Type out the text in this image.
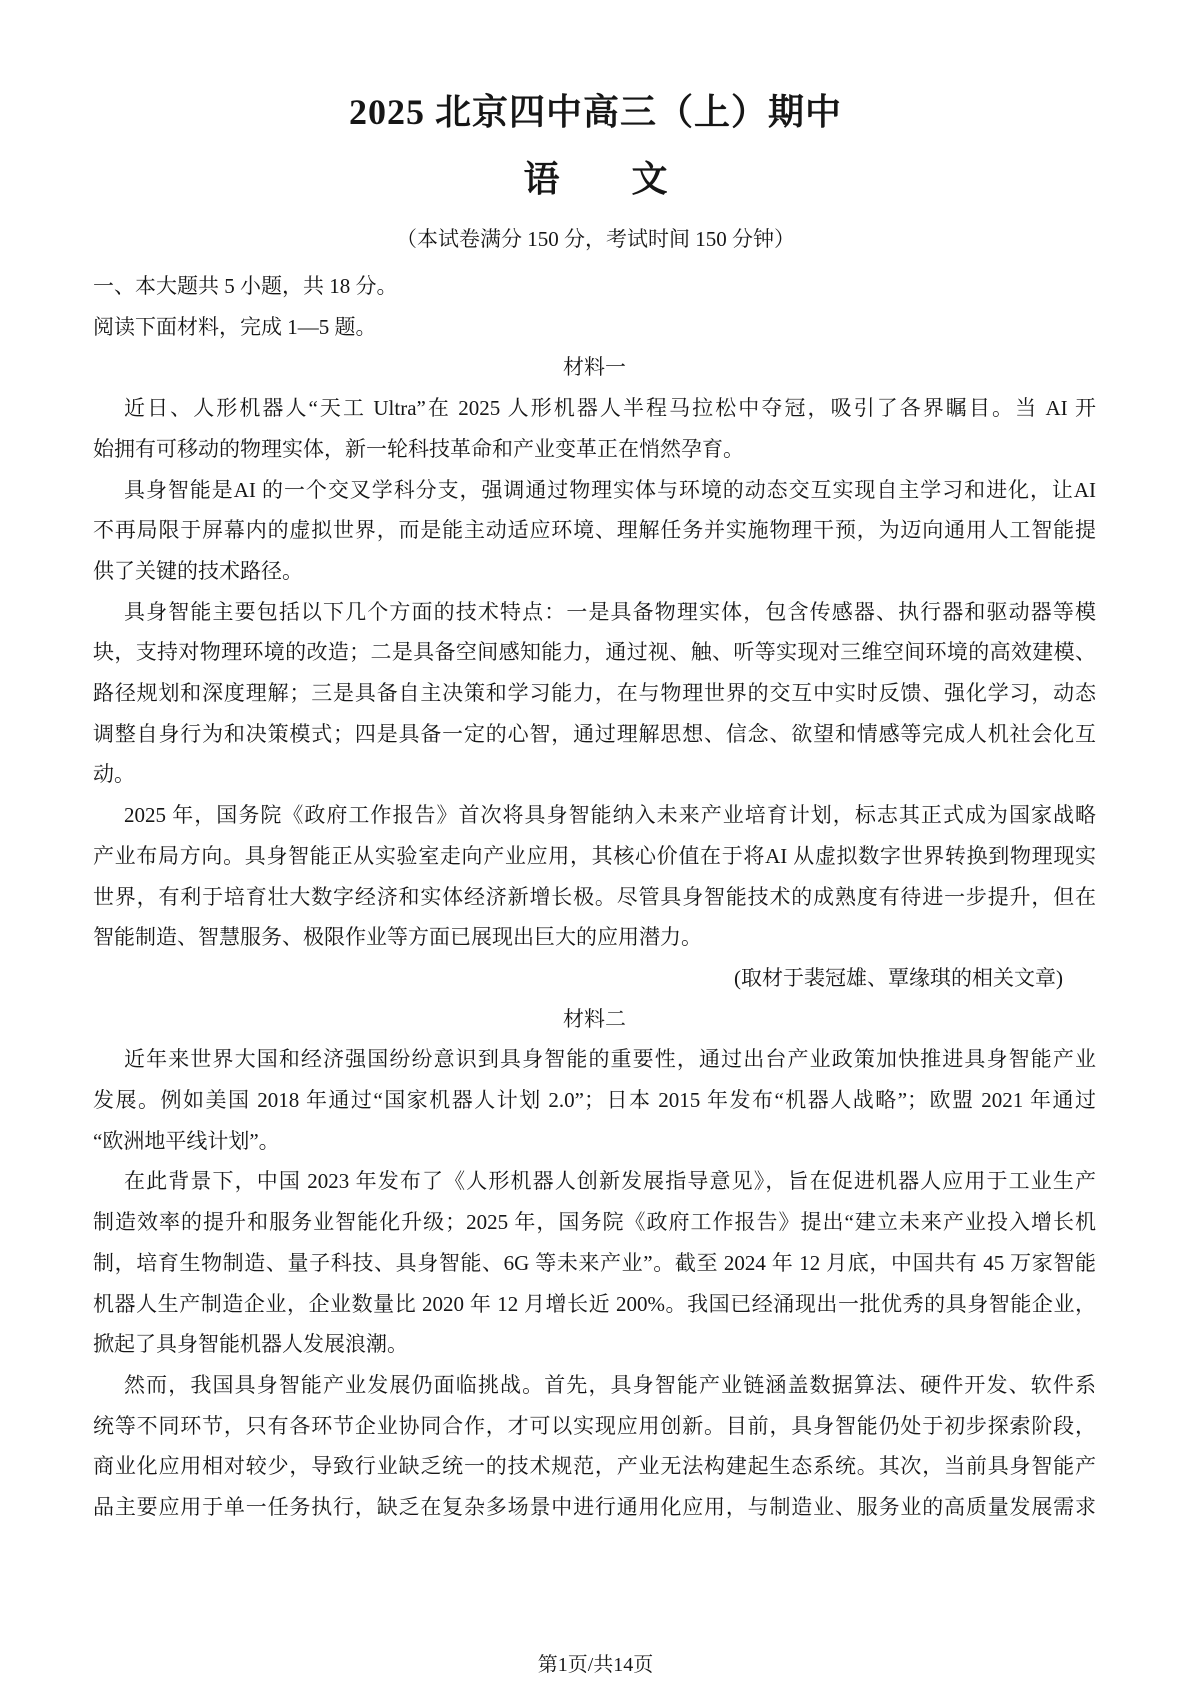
2025 北京四中高三（上）期中
语　　文
（本试卷满分 150 分，考试时间 150 分钟）
一、本大题共 5 小题，共 18 分。
阅读下面材料，完成 1—5 题。
材料一
近日、人形机器人“天工 Ultra”在 2025 人形机器人半程马拉松中夺冠，吸引了各界瞩目。当 AI 开
始拥有可移动的物理实体，新一轮科技革命和产业变革正在悄然孕育。
具身智能是AI 的一个交叉学科分支，强调通过物理实体与环境的动态交互实现自主学习和进化，让AI
不再局限于屏幕内的虚拟世界，而是能主动适应环境、理解任务并实施物理干预，为迈向通用人工智能提
供了关键的技术路径。
具身智能主要包括以下几个方面的技术特点：一是具备物理实体，包含传感器、执行器和驱动器等模
块，支持对物理环境的改造；二是具备空间感知能力，通过视、触、听等实现对三维空间环境的高效建模、
路径规划和深度理解；三是具备自主决策和学习能力，在与物理世界的交互中实时反馈、强化学习，动态
调整自身行为和决策模式；四是具备一定的心智，通过理解思想、信念、欲望和情感等完成人机社会化互
动。
2025 年，国务院《政府工作报告》首次将具身智能纳入未来产业培育计划，标志其正式成为国家战略
产业布局方向。具身智能正从实验室走向产业应用，其核心价值在于将AI 从虚拟数字世界转换到物理现实
世界，有利于培育壮大数字经济和实体经济新增长极。尽管具身智能技术的成熟度有待进一步提升，但在
智能制造、智慧服务、极限作业等方面已展现出巨大的应用潜力。
(取材于裴冠雄、覃缘琪的相关文章)
材料二
近年来世界大国和经济强国纷纷意识到具身智能的重要性，通过出台产业政策加快推进具身智能产业
发展。例如美国 2018 年通过“国家机器人计划 2.0”；日本 2015 年发布“机器人战略”；欧盟 2021 年通过
“欧洲地平线计划”。
在此背景下，中国 2023 年发布了《人形机器人创新发展指导意见》，旨在促进机器人应用于工业生产
制造效率的提升和服务业智能化升级；2025 年，国务院《政府工作报告》提出“建立未来产业投入增长机
制，培育生物制造、量子科技、具身智能、6G 等未来产业”。截至 2024 年 12 月底，中国共有 45 万家智能
机器人生产制造企业，企业数量比 2020 年 12 月增长近 200%。我国已经涌现出一批优秀的具身智能企业，
掀起了具身智能机器人发展浪潮。
然而，我国具身智能产业发展仍面临挑战。首先，具身智能产业链涵盖数据算法、硬件开发、软件系
统等不同环节，只有各环节企业协同合作，才可以实现应用创新。目前，具身智能仍处于初步探索阶段，
商业化应用相对较少，导致行业缺乏统一的技术规范，产业无法构建起生态系统。其次，当前具身智能产
品主要应用于单一任务执行，缺乏在复杂多场景中进行通用化应用，与制造业、服务业的高质量发展需求
第1页/共14页
